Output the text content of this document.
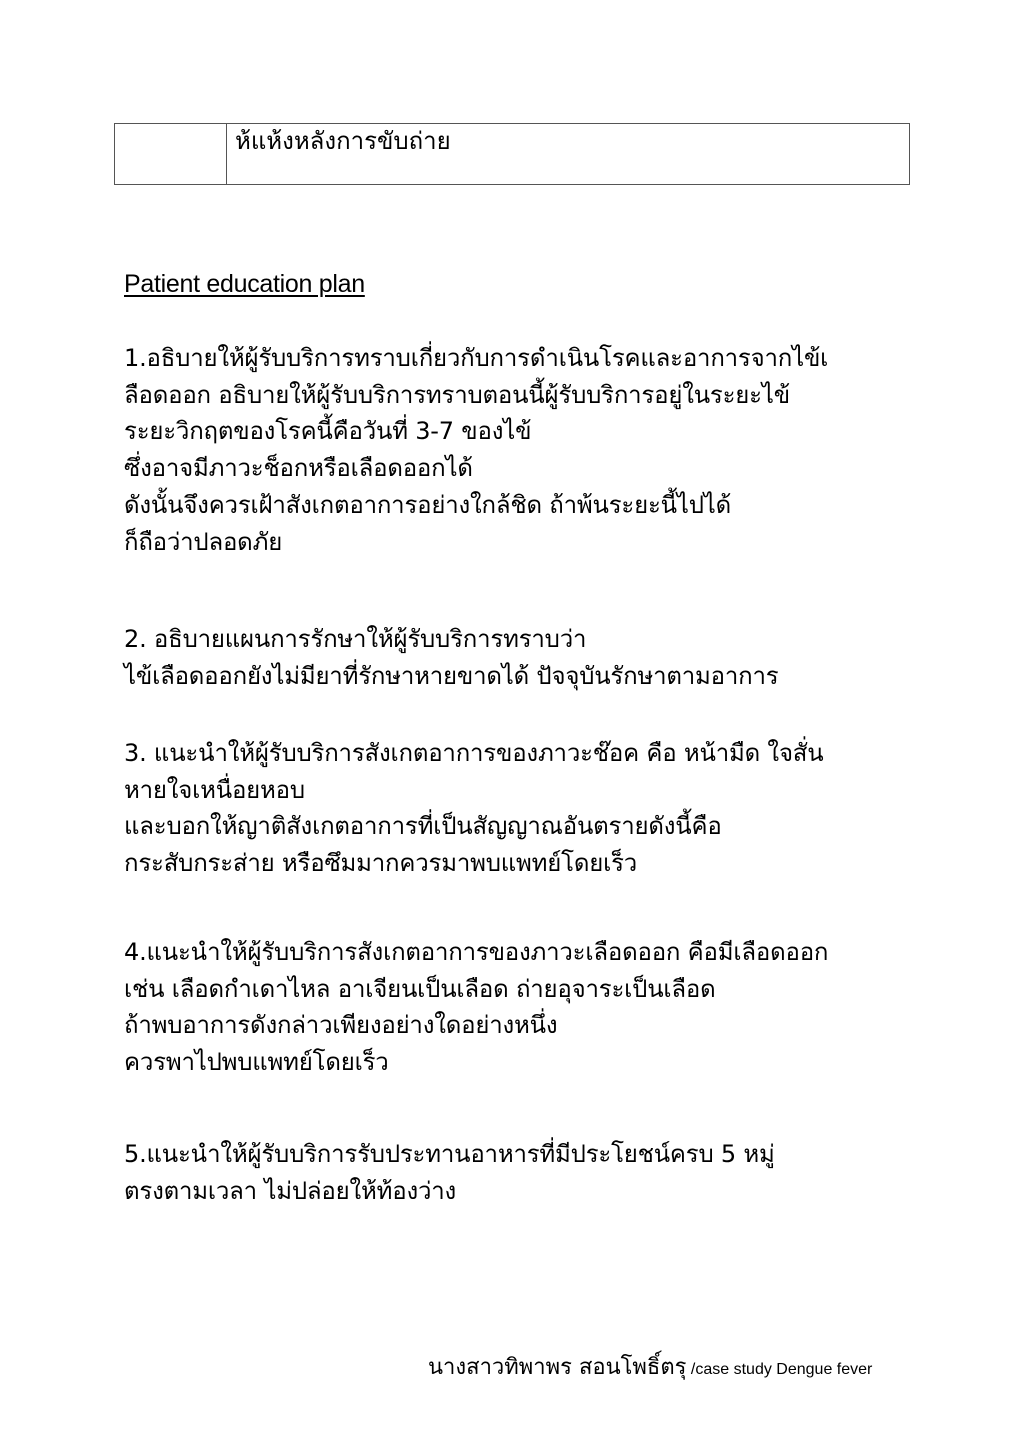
	ห้แห้งหลังการขับถ่าย
Patient education plan
1.อธิบายให้ผู้รับบริการทราบเกี่ยวกับการดำเนินโรคและอาการจากไข้เ
ลือดออก อธิบายให้ผู้รับบริการทราบตอนนี้ผู้รับบริการอยู่ในระยะไข้
ระยะวิกฤตของโรคนี้คือวันที่ 3-7 ของไข้
ซึ่งอาจมีภาวะช็อกหรือเลือดออกได้
ดังนั้นจึงควรเฝ้าสังเกตอาการอย่างใกล้ชิด ถ้าพ้นระยะนี้ไปได้
ก็ถือว่าปลอดภัย
2. อธิบายแผนการรักษาให้ผู้รับบริการทราบว่า
ไข้เลือดออกยังไม่มียาที่รักษาหายขาดได้ ปัจจุบันรักษาตามอาการ
3. แนะนำให้ผู้รับบริการสังเกตอาการของภาวะช๊อค คือ หน้ามืด ใจสั่น
หายใจเหนื่อยหอบ
และบอกให้ญาติสังเกตอาการที่เป็นสัญญาณอันตรายดังนี้คือ
กระสับกระส่าย หรือซึมมากควรมาพบแพทย์โดยเร็ว
4.แนะนำให้ผู้รับบริการสังเกตอาการของภาวะเลือดออก คือมีเลือดออก
เช่น เลือดกำเดาไหล อาเจียนเป็นเลือด ถ่ายอุจาระเป็นเลือด
ถ้าพบอาการดังกล่าวเพียงอย่างใดอย่างหนึ่ง
ควรพาไปพบแพทย์โดยเร็ว
5.แนะนำให้ผู้รับบริการรับประทานอาหารที่มีประโยชน์ครบ 5 หมู่
ตรงตามเวลา ไม่ปล่อยให้ท้องว่าง
นางสาวทิพาพร สอนโพธิ์ตรุ /case study Dengue fever
